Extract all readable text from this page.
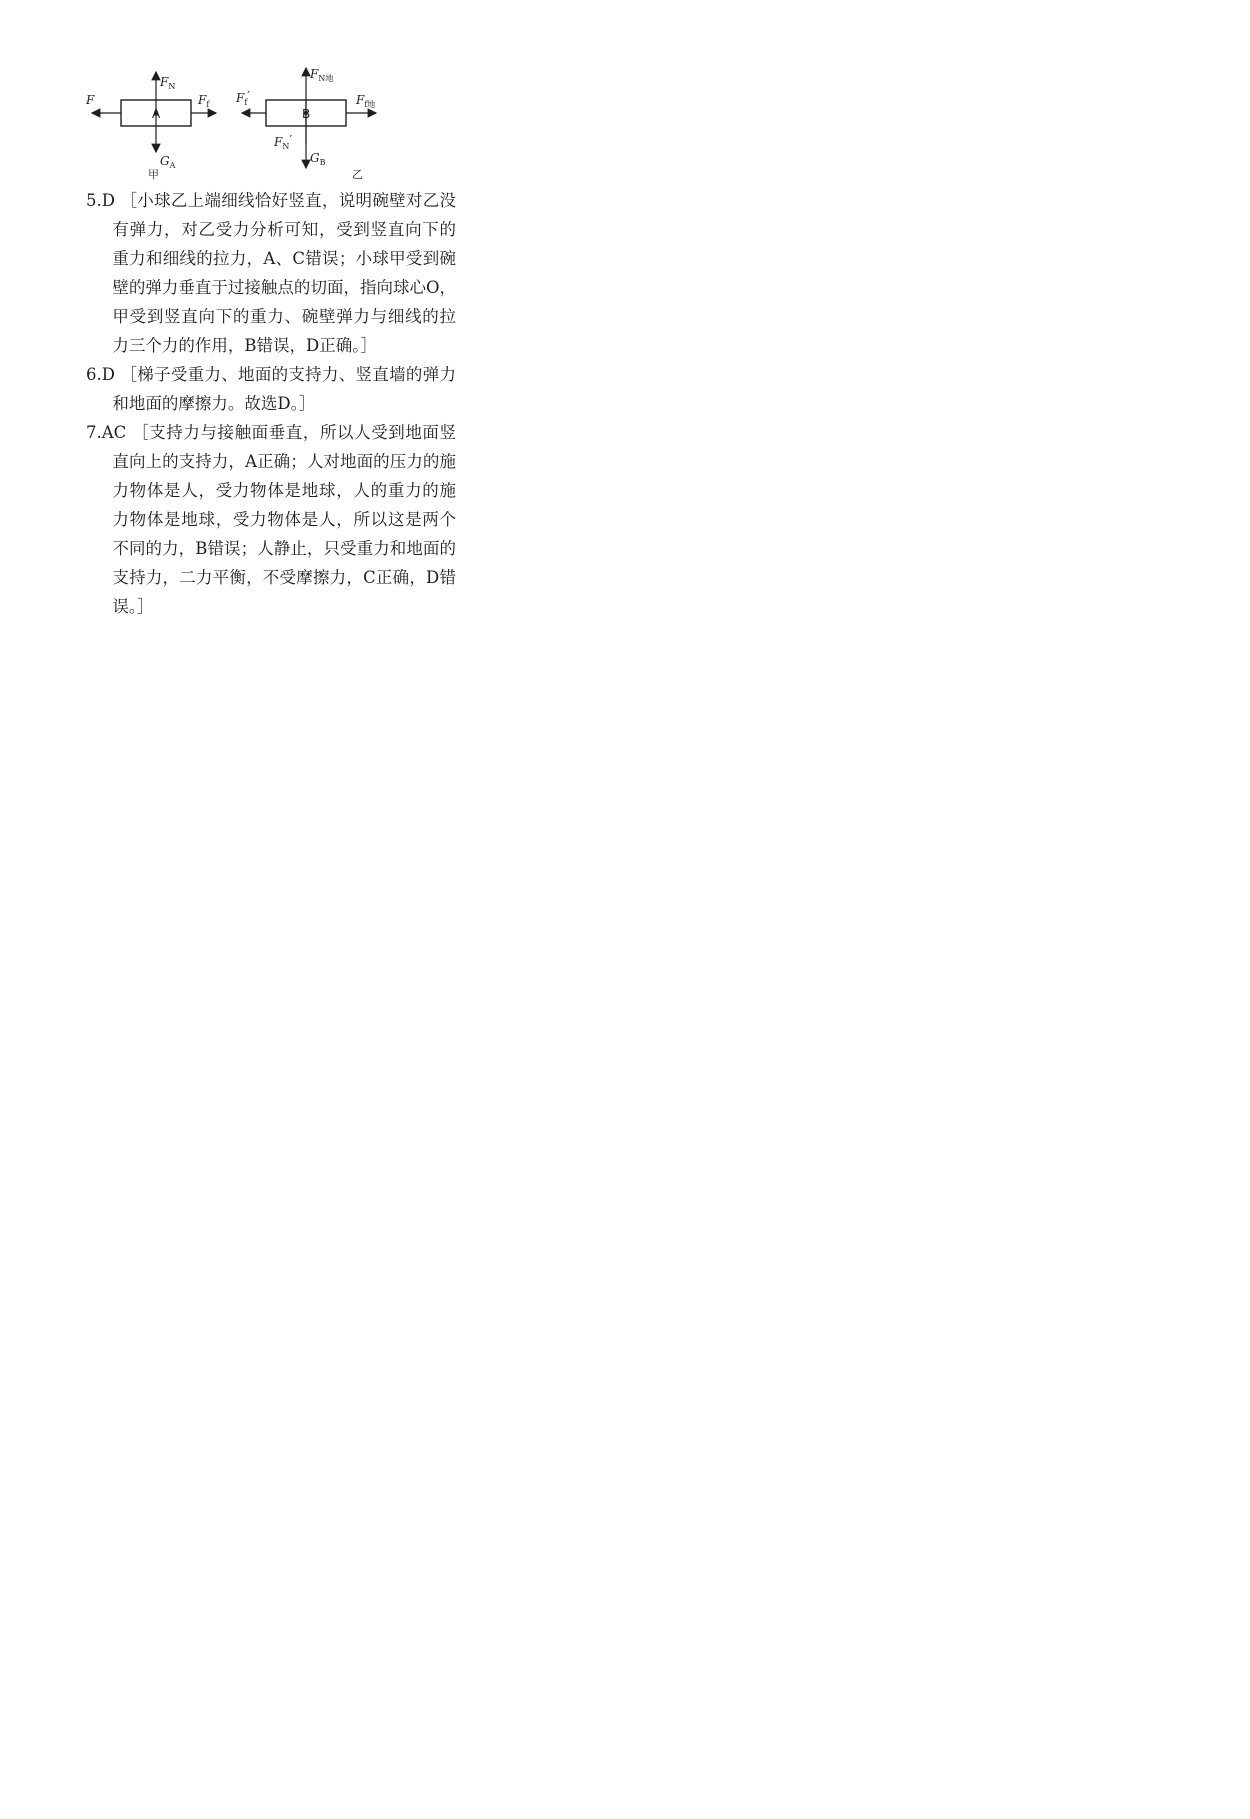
$F_N$
F	$F_f$
$G_A$
$F_{N地}$
$F_f'$	$F_{f地}$
$F_N'$
$G_B$
A	B
甲	乙

5.D ［小球乙上端细线恰好竖直，说明碗壁对乙没有弹力，对乙受力分析可知，受到竖直向下的重力和细线的拉力，A、C错误；小球甲受到碗壁的弹力垂直于过接触点的切面，指向球心O，甲受到竖直向下的重力、碗壁弹力与细线的拉力三个力的作用，B错误，D正确。］

6.D ［梯子受重力、地面的支持力、竖直墙的弹力和地面的摩擦力。故选D。］

7.AC ［支持力与接触面垂直，所以人受到地面竖直向上的支持力，A正确；人对地面的压力的施力物体是人，受力物体是地球，人的重力的施力物体是地球，受力物体是人，所以这是两个不同的力，B错误；人静止，只受重力和地面的支持力，二力平衡，不受摩擦力，C正确，D错误。］
